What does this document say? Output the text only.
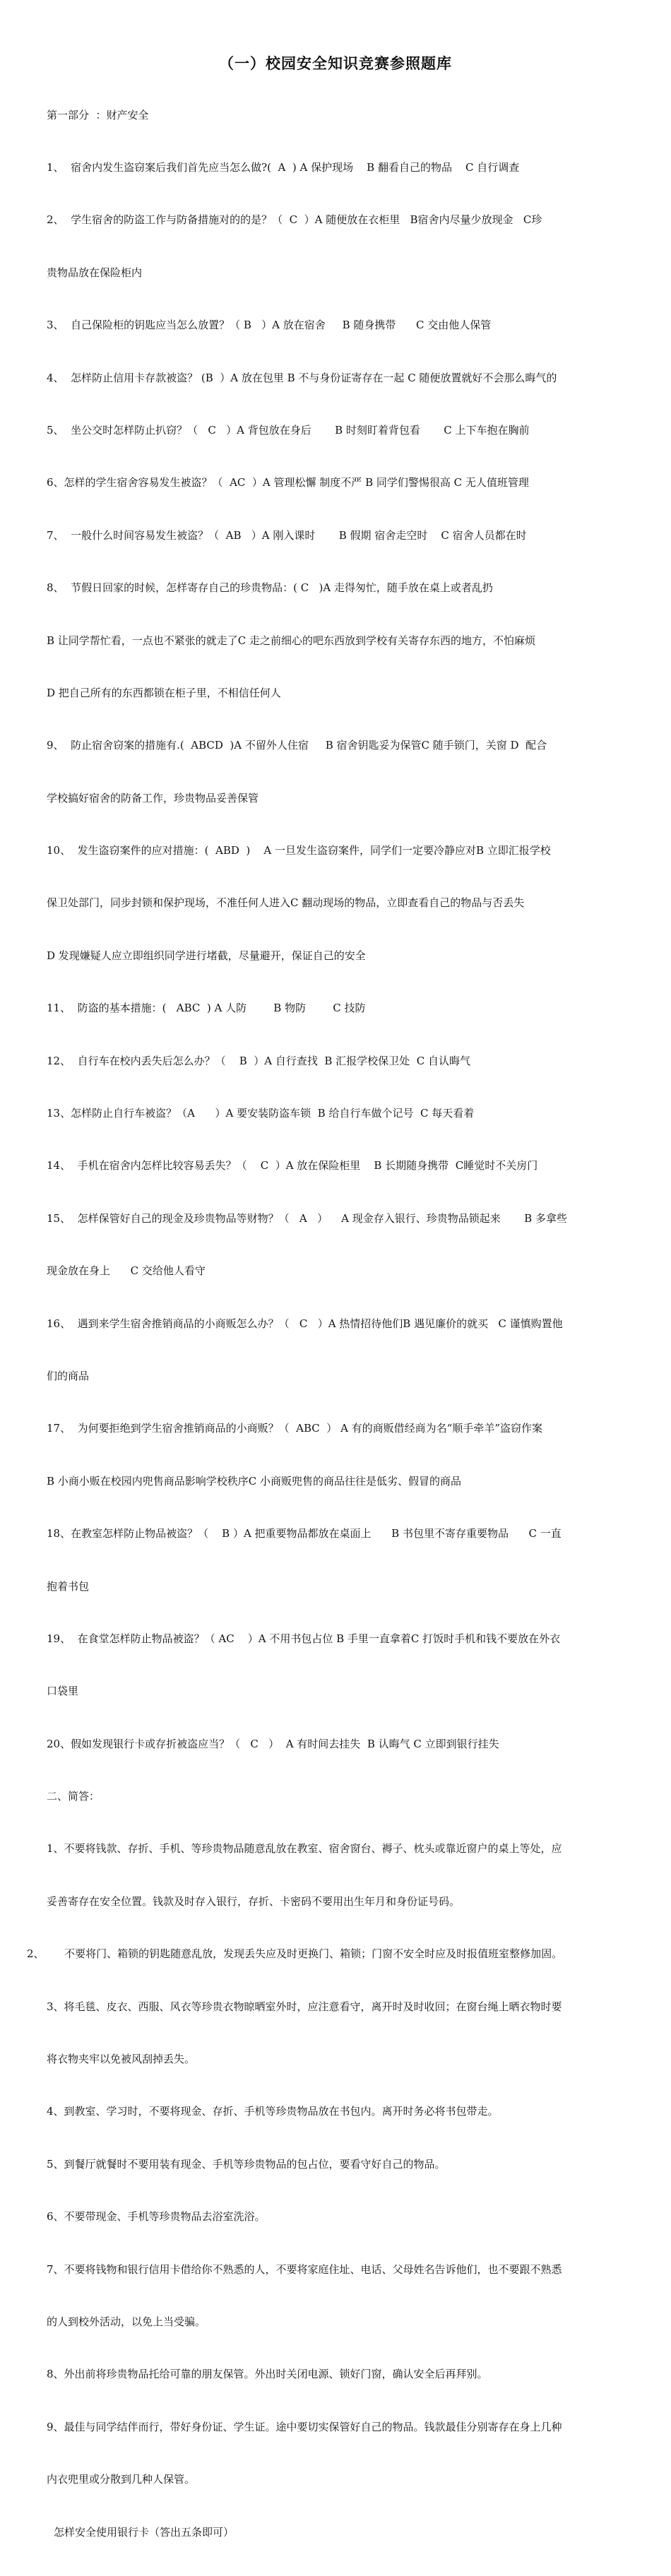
（一）校园安全知识竞赛参照题库

第一部分  ：财产安全

1、  宿舍内发生盗窃案后我们首先应当怎么做?(  A  ) A 保护现场    B 翻看自己的物品    C 自行调查

2、  学生宿舍的防盗工作与防备措施对的的是？（  C  ）A 随便放在衣柜里   B宿舍内尽量少放现金   C珍

贵物品放在保险柜内

3、  自己保险柜的钥匙应当怎么放置？（ B   ）A 放在宿舍     B 随身携带      C 交由他人保管

4、  怎样防止信用卡存款被盗？ (B  ）A 放在包里 B 不与身份证寄存在一起 C 随便放置就好不会那么晦气的

5、  坐公交时怎样防止扒窃？（   C   ）A 背包放在身后       B 时刻盯着背包看       C 上下车抱在胸前

6、怎样的学生宿舍容易发生被盗？（  AC  ）A 管理松懈 制度不严 B 同学们警惕很高 C 无人值班管理

7、  一般什么时间容易发生被盗？（  AB   ）A 刚入课时       B 假期 宿舍走空时    C 宿舍人员都在时

8、  节假日回家的时候，怎样寄存自己的珍贵物品：( C   )A 走得匆忙，随手放在桌上或者乱扔

B 让同学帮忙看，一点也不紧张的就走了C 走之前细心的吧东西放到学校有关寄存东西的地方，不怕麻烦

D 把自己所有的东西都锁在柜子里，不相信任何人

9、  防止宿舍窃案的措施有.(  ABCD  )A 不留外人住宿     B 宿舍钥匙妥为保管C 随手锁门，关窗 D  配合

学校搞好宿舍的防备工作，珍贵物品妥善保管

10、  发生盗窃案件的应对措施：(  ABD  )    A 一旦发生盗窃案件，同学们一定要冷静应对B 立即汇报学校

保卫处部门，同步封锁和保护现场，不准任何人进入C 翻动现场的物品，立即查看自己的物品与否丢失

D 发现嫌疑人应立即组织同学进行堵截，尽量避开，保证自己的安全

11、  防盗的基本措施：(   ABC  ) A 人防        B 物防        C 技防

12、  自行车在校内丢失后怎么办？（    B  ）A 自行查找  B 汇报学校保卫处  C 自认晦气

13、怎样防止自行车被盗？（A      ）A 要安装防盗车锁  B 给自行车做个记号  C 每天看着

14、  手机在宿舍内怎样比较容易丢失？（    C  ）A 放在保险柜里    B 长期随身携带  C睡觉时不关房门

15、  怎样保管好自己的现金及珍贵物品等财物？（   A   ）    A 现金存入银行、珍贵物品锁起来       B 多拿些

现金放在身上      C 交给他人看守

16、  遇到来学生宿舍推销商品的小商贩怎么办？（   C   ）A 热情招待他们B 遇见廉价的就买   C 谨慎购置他

们的商品

17、  为何要拒绝到学生宿舍推销商品的小商贩？（  ABC  ） A 有的商贩借经商为名“顺手牵羊”盗窃作案

B 小商小贩在校园内兜售商品影响学校秩序C 小商贩兜售的商品往往是低劣、假冒的商品

18、在教室怎样防止物品被盗？（    B ）A 把重要物品都放在桌面上      B 书包里不寄存重要物品      C 一直

抱着书包

19、  在食堂怎样防止物品被盗？（ AC    ）A 不用书包占位 B 手里一直拿着C 打饭时手机和钱不要放在外衣

口袋里

20、假如发现银行卡或存折被盗应当？（   C   ）  A 有时间去挂失  B 认晦气 C 立即到银行挂失

二、简答：

1、不要将钱款、存折、手机、等珍贵物品随意乱放在教室、宿舍窗台、褥子、枕头或靠近窗户的桌上等处，应

妥善寄存在安全位置。钱款及时存入银行，存折、卡密码不要用出生年月和身份证号码。

2、      不要将门、箱锁的钥匙随意乱放，发现丢失应及时更换门、箱锁；门窗不安全时应及时报值班室整修加固。

3、将毛毯、皮衣、西服、风衣等珍贵衣物晾晒室外时，应注意看守，离开时及时收回；在窗台绳上晒衣物时要

将衣物夹牢以免被风刮掉丢失。

4、到教室、学习时，不要将现金、存折、手机等珍贵物品放在书包内。离开时务必将书包带走。

5、到餐厅就餐时不要用装有现金、手机等珍贵物品的包占位，要看守好自己的物品。

6、不要带现金、手机等珍贵物品去浴室洗浴。

7、不要将钱物和银行信用卡借给你不熟悉的人，不要将家庭住址、电话、父母姓名告诉他们，也不要跟不熟悉

的人到校外活动，以免上当受骗。

8、外出前将珍贵物品托给可靠的朋友保管。外出时关闭电源、锁好门窗，确认安全后再拜别。

9、最佳与同学结伴而行，带好身份证、学生证。途中要切实保管好自己的物品。钱款最佳分别寄存在身上几种

内衣兜里或分散到几种人保管。

怎样安全使用银行卡（答出五条即可）
